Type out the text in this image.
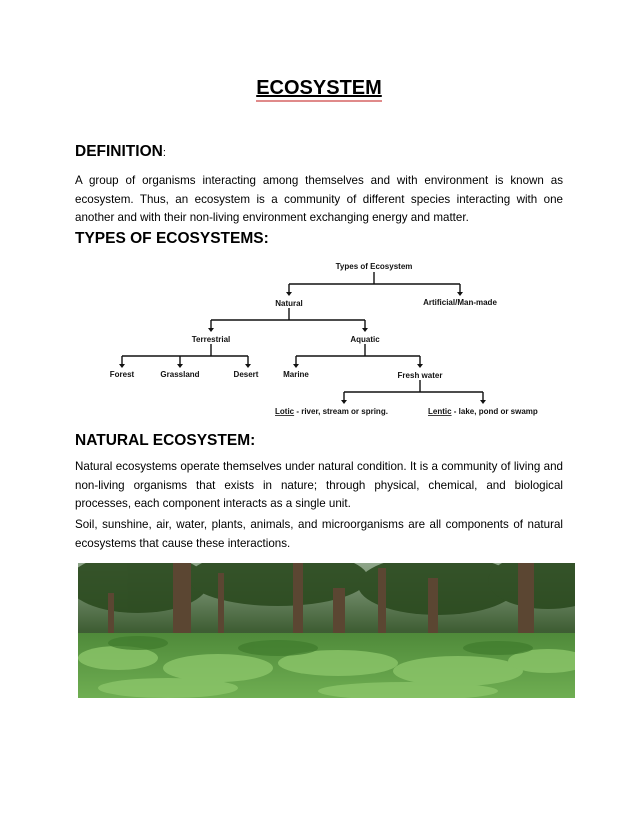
ECOSYSTEM
DEFINITION:

A group of organisms interacting among themselves and with environment is known as ecosystem. Thus, an ecosystem is a community of different species interacting with one another and with their non-living environment exchanging energy and matter.

TYPES OF ECOSYSTEMS:
Types of Ecosystem
Natural	Artificial/Man-made
Terrestrial	Aquatic
Forest	Grassland	Desert	Marine	Fresh water
Lotic - river, stream or spring.	Lentic - lake, pond or swamp
NATURAL ECOSYSTEM:

Natural ecosystems operate themselves under natural condition. It is a community of living and non-living organisms that exists in nature; through physical, chemical, and biological processes, each component interacts as a single unit.

Soil, sunshine, air, water, plants, animals, and microorganisms are all components of natural ecosystems that cause these interactions.
